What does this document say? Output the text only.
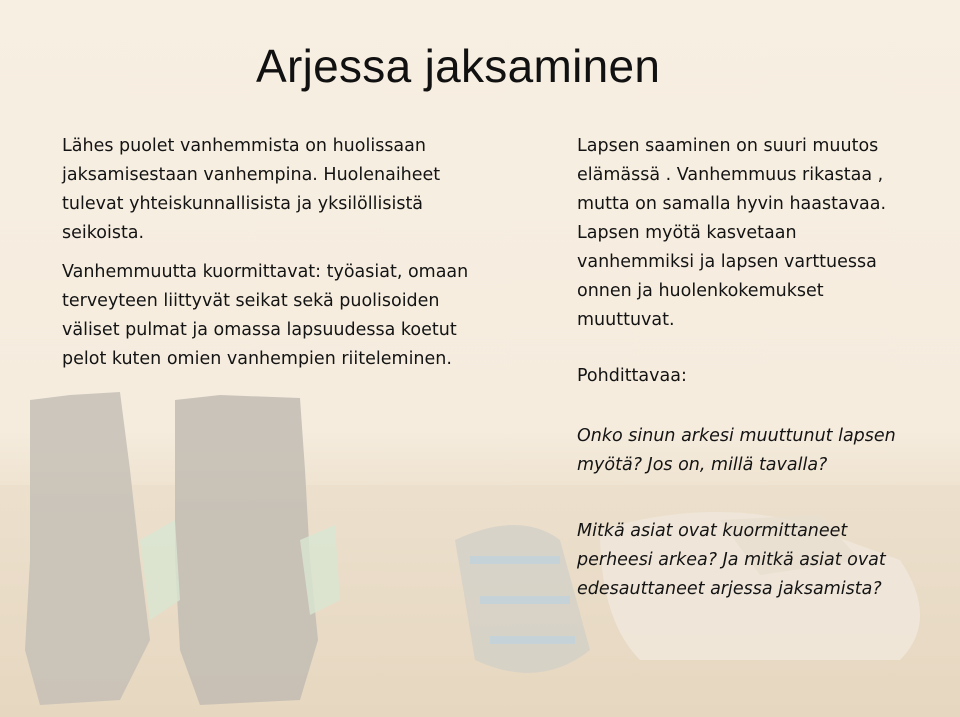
Arjessa jaksaminen

Lähes puolet vanhemmista on huolissaan jaksamisestaan vanhempina. Huolenaiheet tulevat yhteiskunnallisista ja yksilöllisistä seikoista.

Vanhemmuutta kuormittavat: työasiat, omaan terveyteen liittyvät seikat sekä puolisoiden väliset pulmat ja omassa lapsuudessa koetut pelot kuten omien vanhempien riiteleminen.

Lapsen saaminen on suuri muutos elämässä . Vanhemmuus rikastaa , mutta on samalla hyvin haastavaa. Lapsen myötä kasvetaan vanhemmiksi ja lapsen varttuessa onnen ja huolenkokemukset muuttuvat.

Pohdittavaa:

Onko sinun arkesi muuttunut lapsen myötä? Jos on, millä tavalla?

Mitkä asiat ovat kuormittaneet perheesi arkea? Ja mitkä asiat ovat edesauttaneet arjessa jaksamista?
